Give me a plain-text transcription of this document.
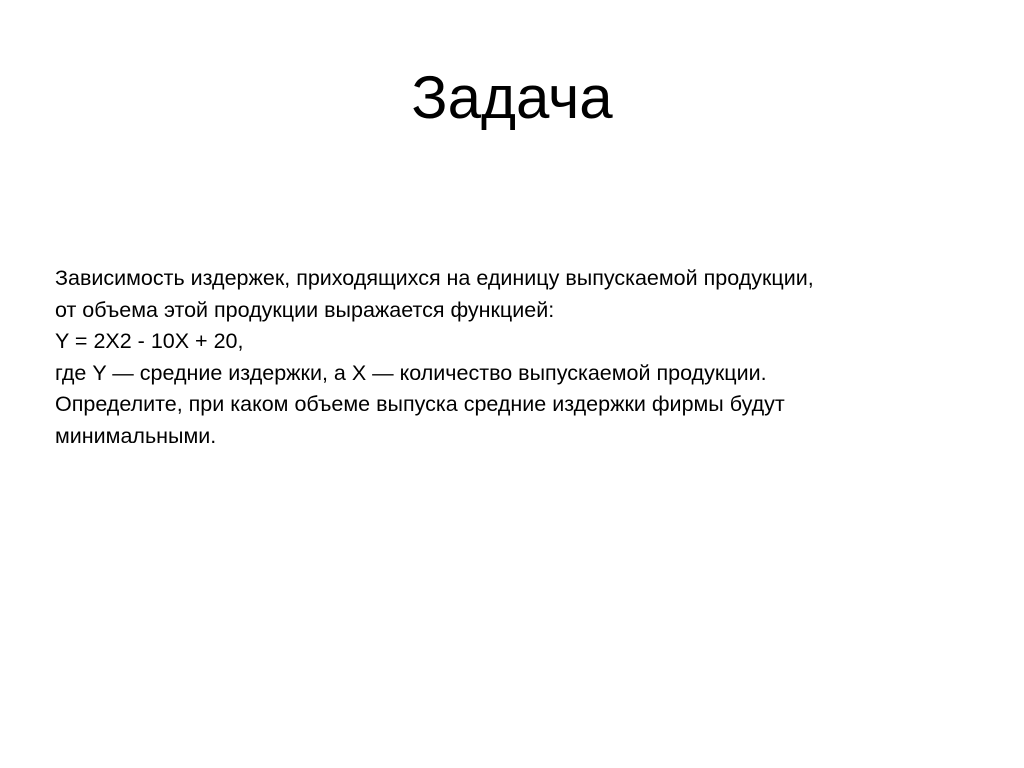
Задача
Зависимость издержек, приходящихся на единицу выпускаемой продукции,
от объема этой продукции выражается функцией:
Y = 2X2 - 10X + 20,
где Y — средние издержки, а X — количество выпускаемой продукции.
Определите, при каком объеме выпуска средние издержки фирмы будут
минимальными.
